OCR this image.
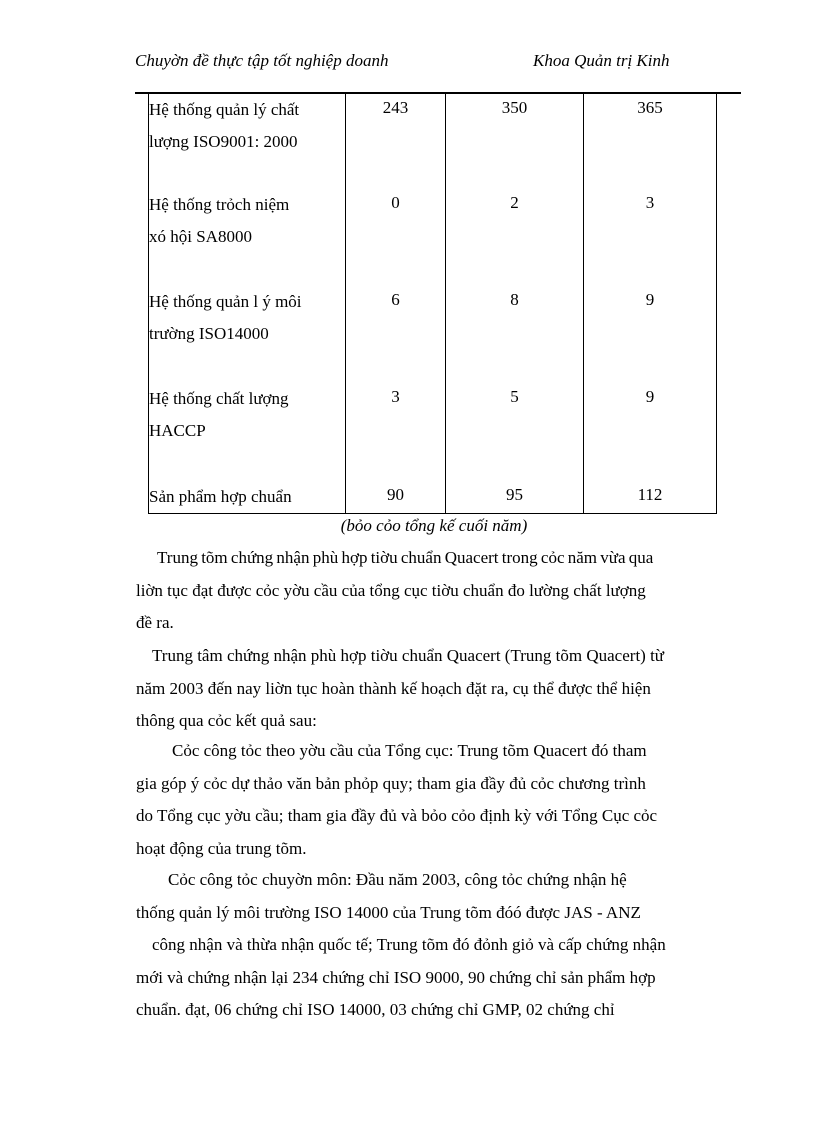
Chuyờn đề thực tập tốt nghiệp doanh	Khoa Quản trị Kinh
Hệ thống quản lý chất
lượng ISO9001: 2000	243	350	365

Hệ thống trỏch niệm
xó hội SA8000	0	2	3

Hệ thống quản l ý môi
trường ISO14000	6	8	9

Hệ thống chất lượng
HACCP	3	5	9

Sản phẩm hợp chuẩn	90	95	112
(bỏo cỏo tổng kế cuối năm)
Trung tõm chứng nhận phù hợp tiờu chuẩn Quacert trong cỏc năm vừa qua
liờn tục đạt được cỏc yờu cầu của tổng cục tiờu chuẩn đo lường chất lượng
đề ra.
Trung tâm chứng nhận phù hợp tiờu chuẩn Quacert (Trung tõm Quacert) từ
năm 2003 đến nay liờn tục hoàn thành kế hoạch đặt ra, cụ thể được thể hiện
thông qua cỏc kết quả sau:
Cỏc công tỏc theo yờu cầu của Tổng cục: Trung tõm Quacert đó tham
gia góp ý cỏc dự thảo văn bản phỏp quy; tham gia đầy đủ cỏc chương trình
do Tổng cục yờu cầu; tham gia đầy đủ và bỏo cỏo định kỳ với Tổng Cục cỏc
hoạt động của trung tõm.
Cỏc công tỏc chuyờn môn: Đầu năm 2003, công tỏc chứng nhận hệ
thống quản lý môi trường ISO 14000 của Trung tõm đóó được JAS - ANZ
công nhận và thừa nhận quốc tế; Trung tõm đó đỏnh giỏ và cấp chứng nhận
mới và chứng nhận lại 234 chứng chỉ ISO 9000, 90 chứng chỉ sản phẩm hợp
chuẩn. đạt, 06 chứng chỉ ISO 14000, 03 chứng chỉ GMP, 02 chứng chỉ
